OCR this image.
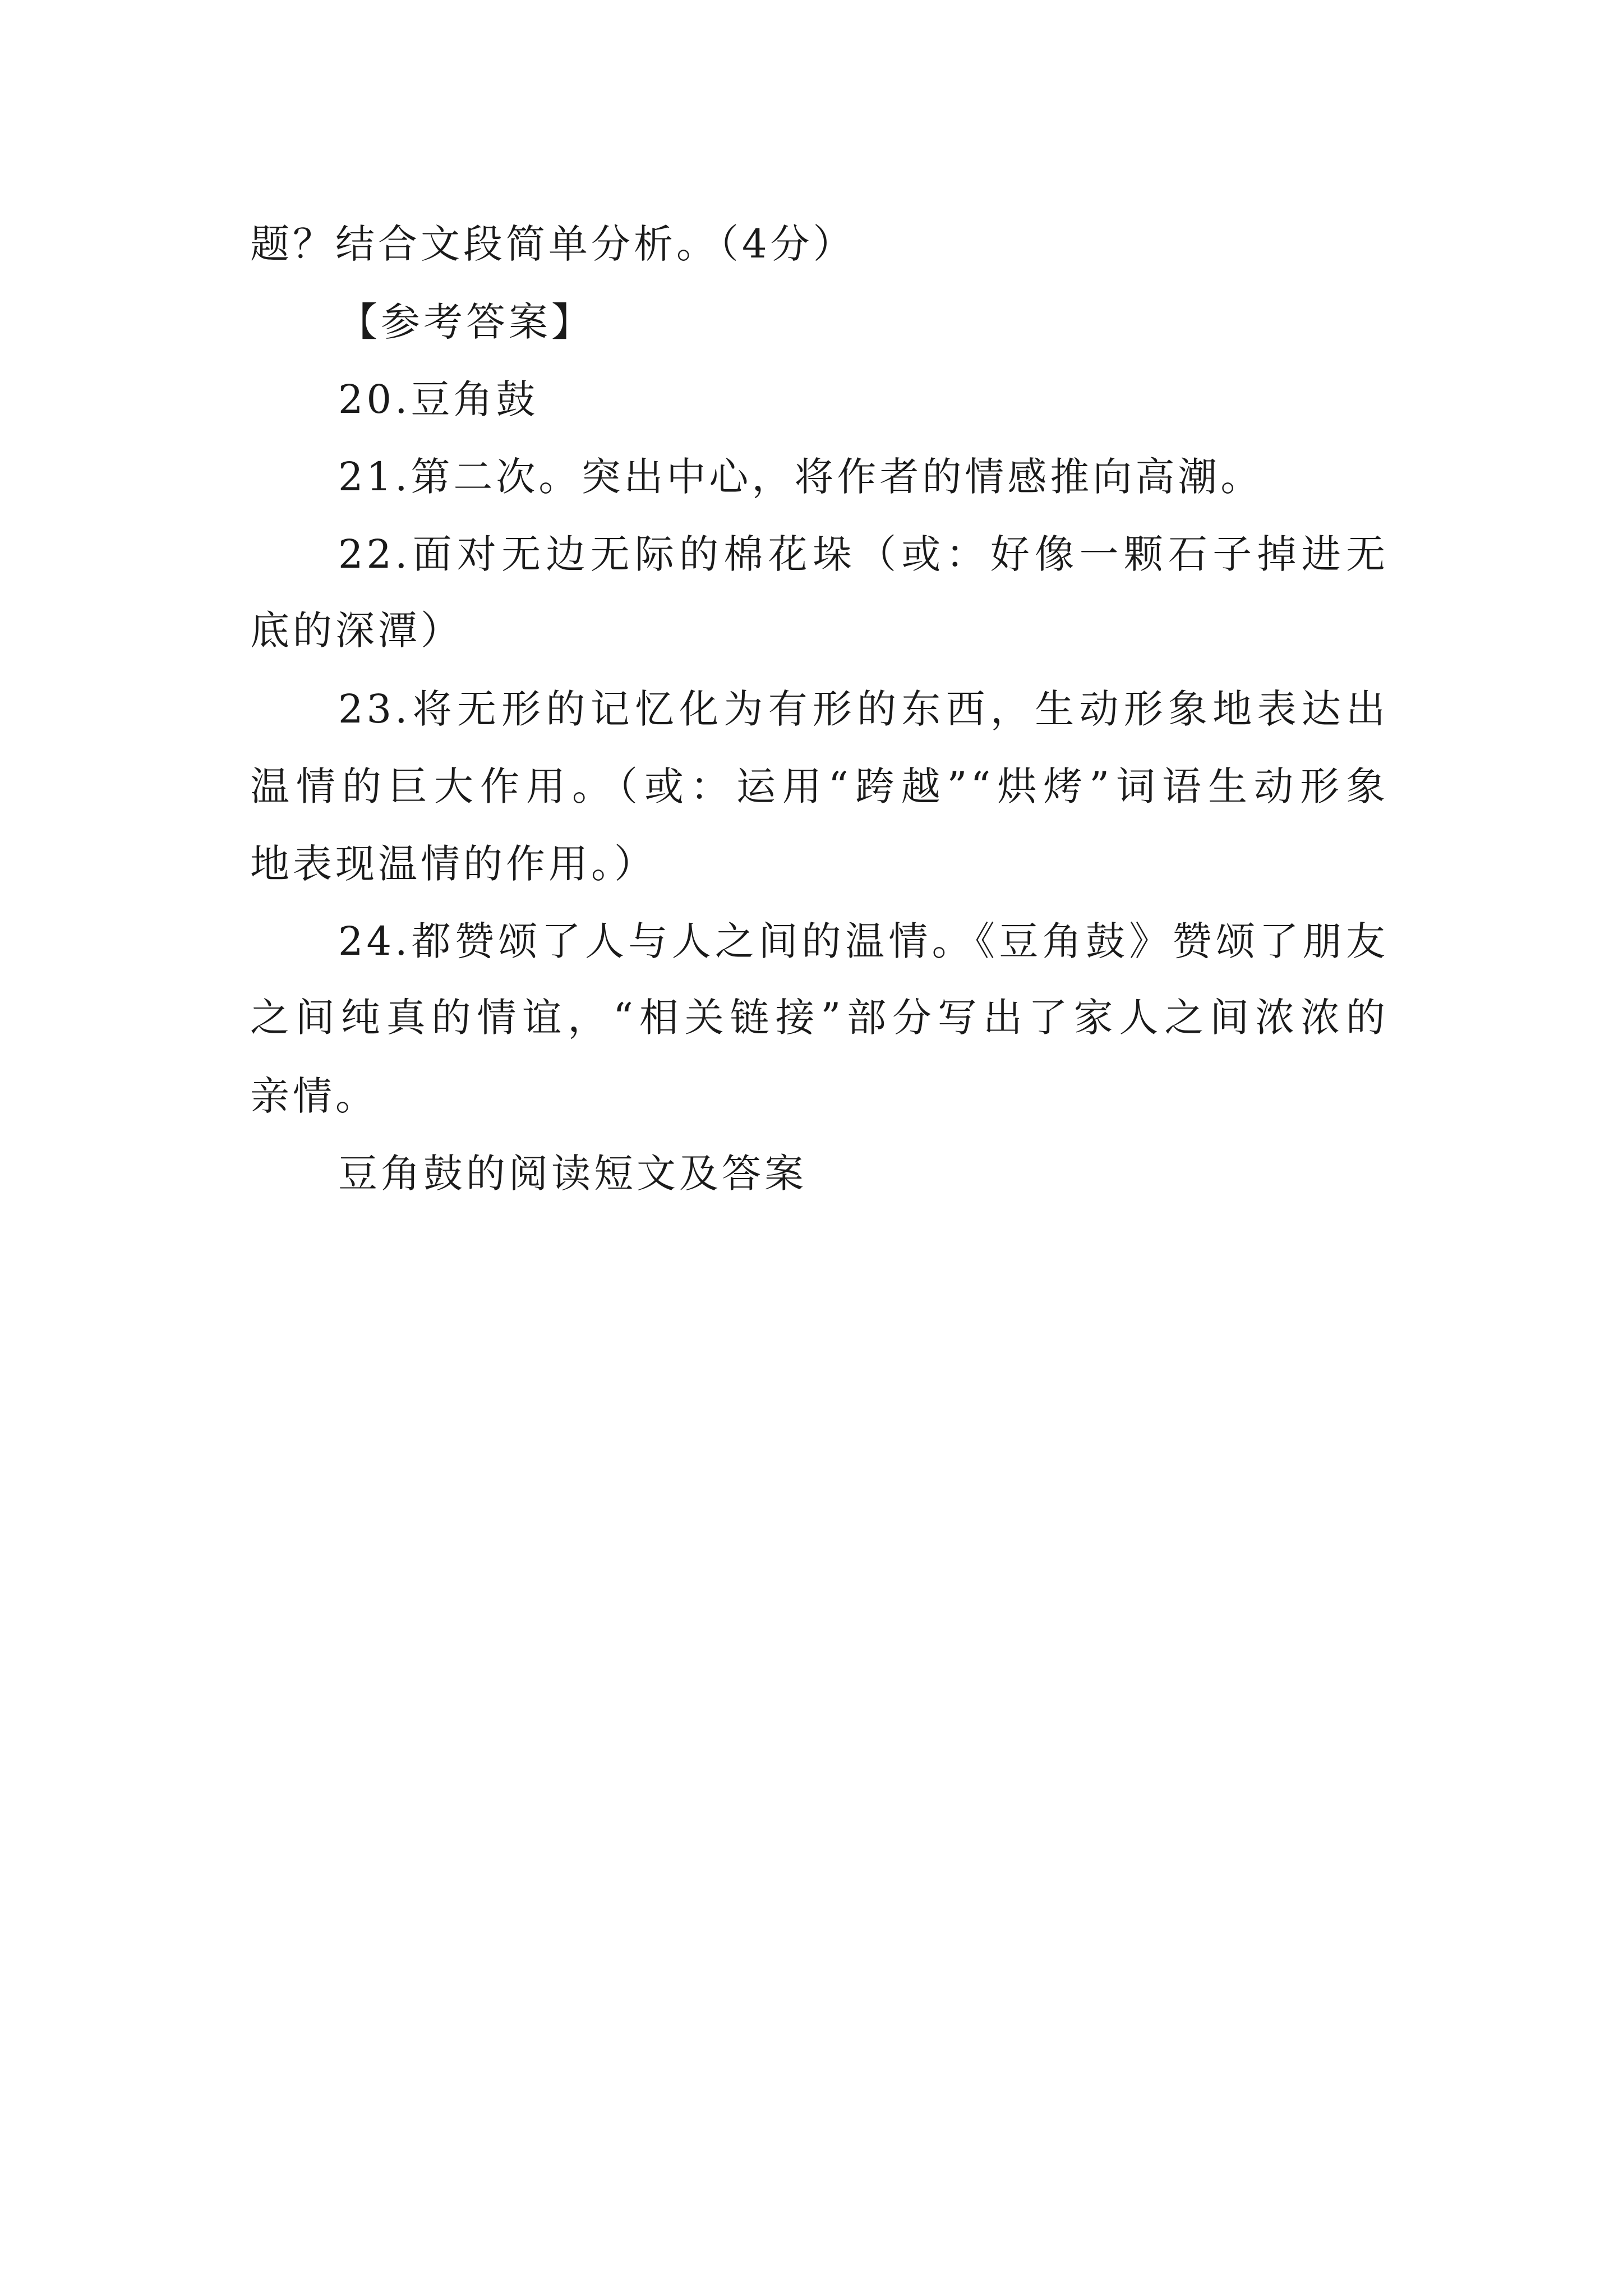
题？结合文段简单分析。（4分）
【参考答案】
20.豆角鼓
21.第二次。突出中心，将作者的情感推向高潮。
22.面对无边无际的棉花垛（或：好像一颗石子掉进无
底的深潭）
23.将无形的记忆化为有形的东西，生动形象地表达出
温情的巨大作用。（或：运用“跨越”“烘烤”词语生动形象
地表现温情的作用。）
24.都赞颂了人与人之间的温情。《豆角鼓》赞颂了朋友
之间纯真的情谊，“相关链接”部分写出了家人之间浓浓的
亲情。
豆角鼓的阅读短文及答案
